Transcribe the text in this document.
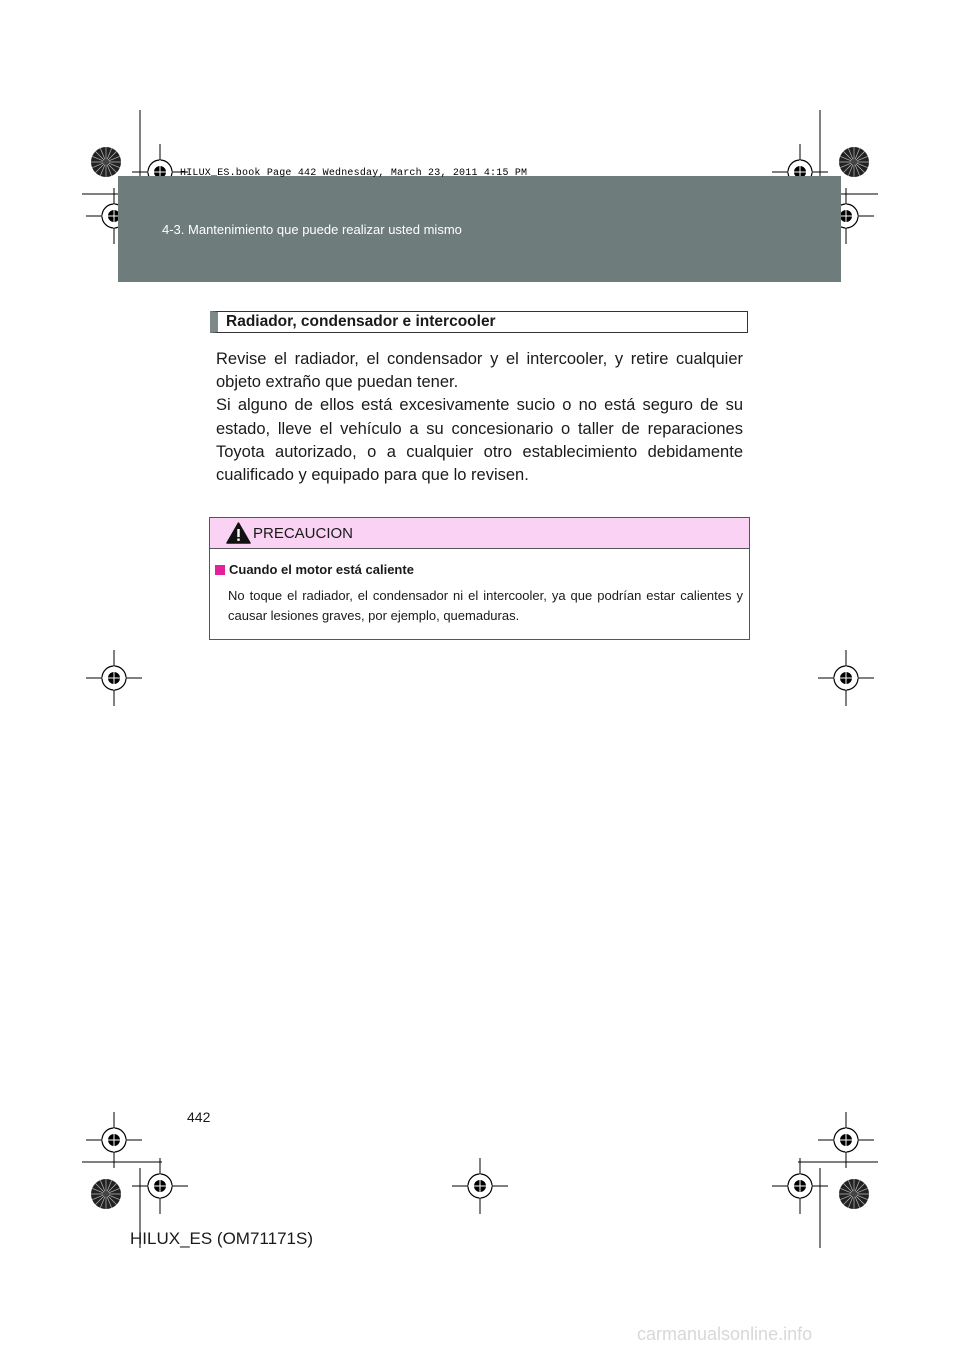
HILUX_ES.book Page 442 Wednesday, March 23, 2011 4:15 PM
4-3. Mantenimiento que puede realizar usted mismo
Radiador, condensador e intercooler

Revise el radiador, el condensador y el intercooler, y retire cualquier objeto extraño que puedan tener.

Si alguno de ellos está excesivamente sucio o no está seguro de su estado, lleve el vehículo a su concesionario o taller de reparaciones Toyota autorizado, o a cualquier otro establecimiento debidamente cualificado y equipado para que lo revisen.

PRECAUCION
Cuando el motor está caliente

No toque el radiador, el condensador ni el intercooler, ya que podrían estar calientes y causar lesiones graves, por ejemplo, quemaduras.

442
HILUX_ES (OM71171S)
carmanualsonline.info
